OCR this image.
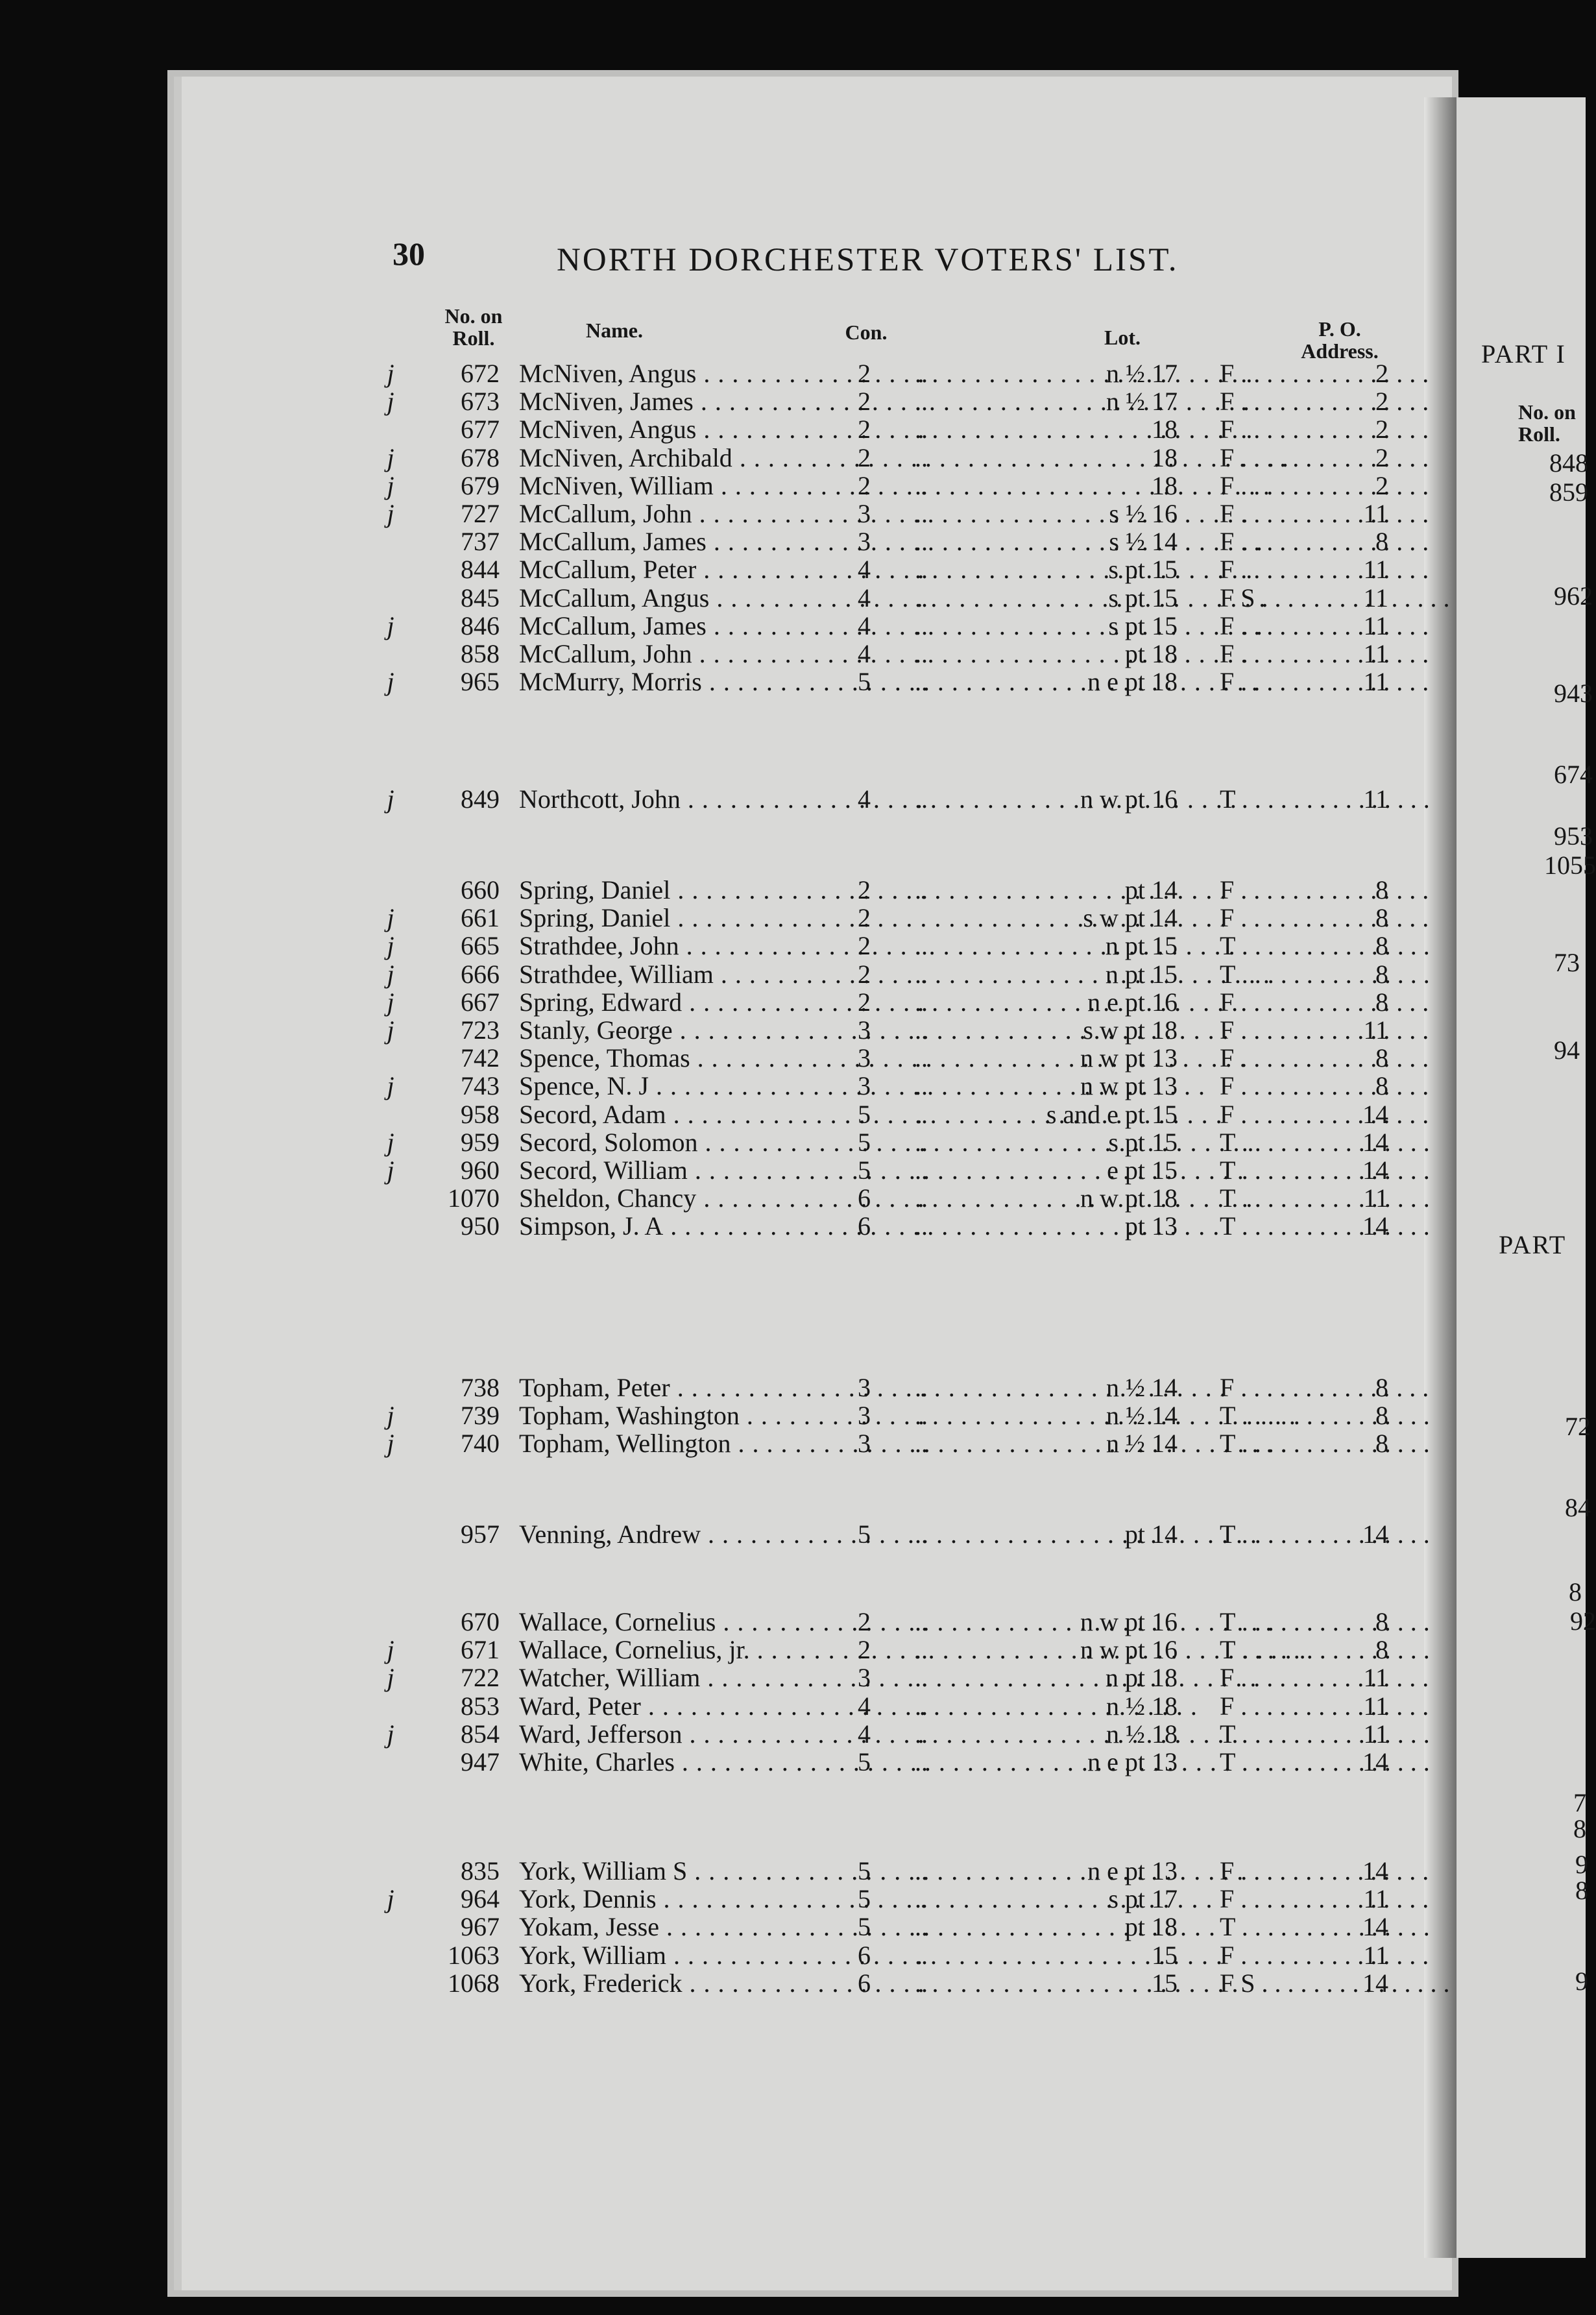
30	NORTH DORCHESTER VOTERS' LIST.
No. on Roll.	Name.	Con.	Lot.	P. O. Address.
j	672 McNiven, Angus . . .	2	..	n ½ 17 F . . .	2
j	673 McNiven, James . . .	2	..	n ½ 17 F . . .	2
677 McNiven, Angus . . .	2	..	18 F . . .	2
j	678 McNiven, Archibald . . .	2	..	18 F . . .	2
j	679 McNiven, William . . .	2	..	18 F . . .	2
j	727 McCallum, John . . .	3	..	s ½ 16 F . . .	11
737 McCallum, James . . .	3	..	s ½ 14 F . . .	8
844 McCallum, Peter . . .	4	..	s pt 15 F . . .	11
845 McCallum, Angus . . .	4	..	s pt 15 F S . . .	11
j	846 McCallum, James . . .	4	..	s pt 15 F . . .	11
858 McCallum, John . . .	4	..	pt 18 F . . .	11
j	965 McMurry, Morris . . .	5	..	n e pt 18 F . . .	11
j	849 Northcott, John . . .	4	..	n w pt 16 T . . .	11
660 Spring, Daniel . . .	2	..	pt 14 F . . .	8
j	661 Spring, Daniel . . .	2	s w pt 14 F . . .	8
j	665 Strathdee, John . . .	2	..	n pt 15 T . . .	8
j	666 Strathdee, William . . .	2	..	n pt 15 T . . .	8
j	667 Spring, Edward . . .	2	..	n e pt 16 F . . .	8
j	723 Stanly, George . . .	3	..	s w pt 18 F . . .	11
742 Spence, Thomas . . .	3	..	n w pt 13 F . . .	8
j	743 Spence, N. J . . .	3	..	n w pt 13 F . . .	8
958 Secord, Adam . . .	5	..	s and e pt 15 F . . .	14
j	959 Secord, Solomon . . .	5	..	s pt 15 T . . .	14
j	960 Secord, William . . .	5	..	e pt 15 T . . .	14
1070 Sheldon, Chancy . . .	6	..	n w pt 18 T . . .	11
950 Simpson, J. A . . .	6	..	pt 13 T . . .	14
738 Topham, Peter . . .	3	..	n ½ 14 F . . .	8
j	739 Topham, Washington . . .	3	..	n ½ 14 T . . .	8
j	740 Topham, Wellington . . .	3	..	n ½ 14 T . . .	8
957 Venning, Andrew . . .	5	..	pt 14 T . . .	14
670 Wallace, Cornelius . . .	2	..	n w pt 16 T . . .	8
j	671 Wallace, Cornelius, jr. . . .	2	..	n w pt 16 T . . .	8
j	722 Watcher, William . . .	3	..	n pt 18 F . . .	11
853 Ward, Peter . . .	4	..	n ½ 18 F . . .	11
j	854 Ward, Jefferson . . .	4	..	n ½ 18 T . . .	11
947 White, Charles . . .	5	..	n e pt 13 T . . .	14
835 York, William S . . .	5	..	n e pt 13 F . . .	14
j	964 York, Dennis . . .	5	..	s pt 17 F . . .	11
967 Yokam, Jesse . . .	5	..	pt 18 T . . .	14
1063 York, William . . .	6	..	15 F . . .	11
1068 York, Frederick . . .	6	..	15 F S . . .	14
PART I
No. on Roll.
PART
848
859
962
943
674
953
1055
73
94
72
84
8
92
7
8
9
8
9
